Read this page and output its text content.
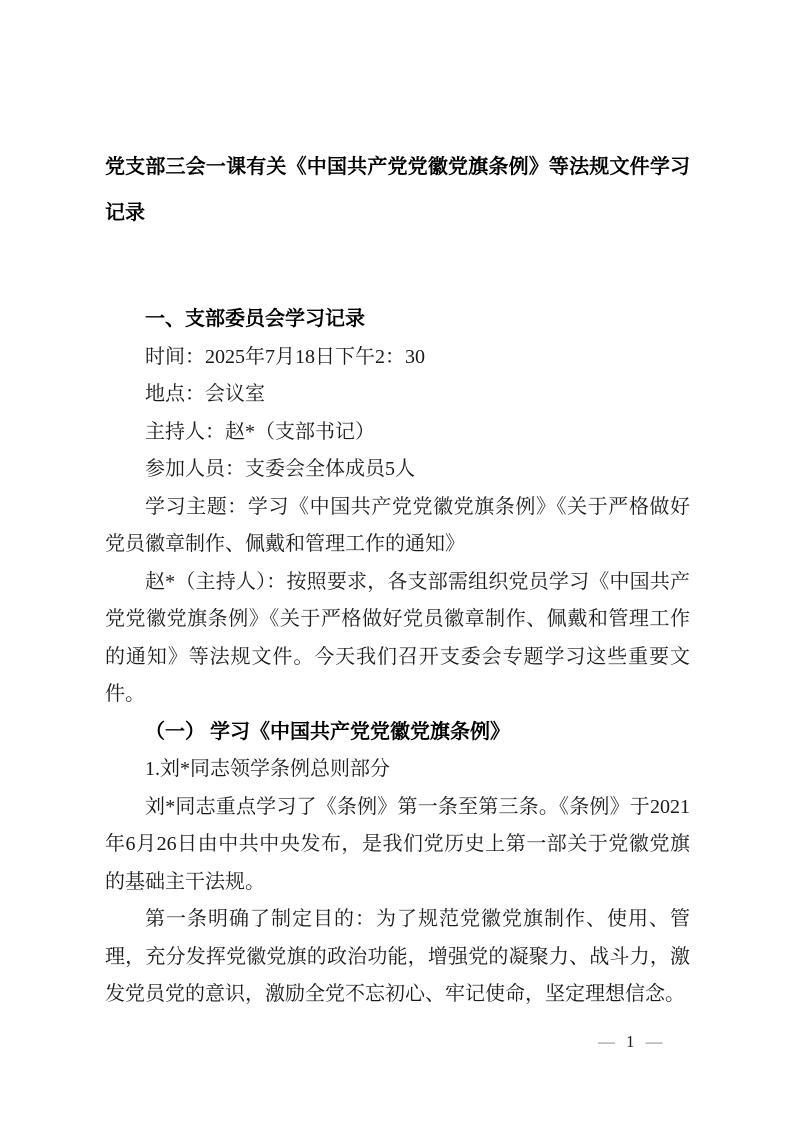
党支部三会一课有关《中国共产党党徽党旗条例》等法规文件学习记录
一、支部委员会学习记录

时间：2025年7月18日下午2：30

地点：会议室

主持人：赵*（支部书记）

参加人员：支委会全体成员5人

学习主题：学习《中国共产党党徽党旗条例》《关于严格做好党员徽章制作、佩戴和管理工作的通知》

赵*（主持人）：按照要求，各支部需组织党员学习《中国共产党党徽党旗条例》《关于严格做好党员徽章制作、佩戴和管理工作的通知》等法规文件。今天我们召开支委会专题学习这些重要文件。

（一） 学习《中国共产党党徽党旗条例》

1.刘*同志领学条例总则部分

刘*同志重点学习了《条例》第一条至第三条。《条例》于2021年6月26日由中共中央发布，是我们党历史上第一部关于党徽党旗的基础主干法规。

第一条明确了制定目的：为了规范党徽党旗制作、使用、管理，充分发挥党徽党旗的政治功能，增强党的凝聚力、战斗力，激发党员党的意识，激励全党不忘初心、牢记使命，坚定理想信念。

— 1 —
